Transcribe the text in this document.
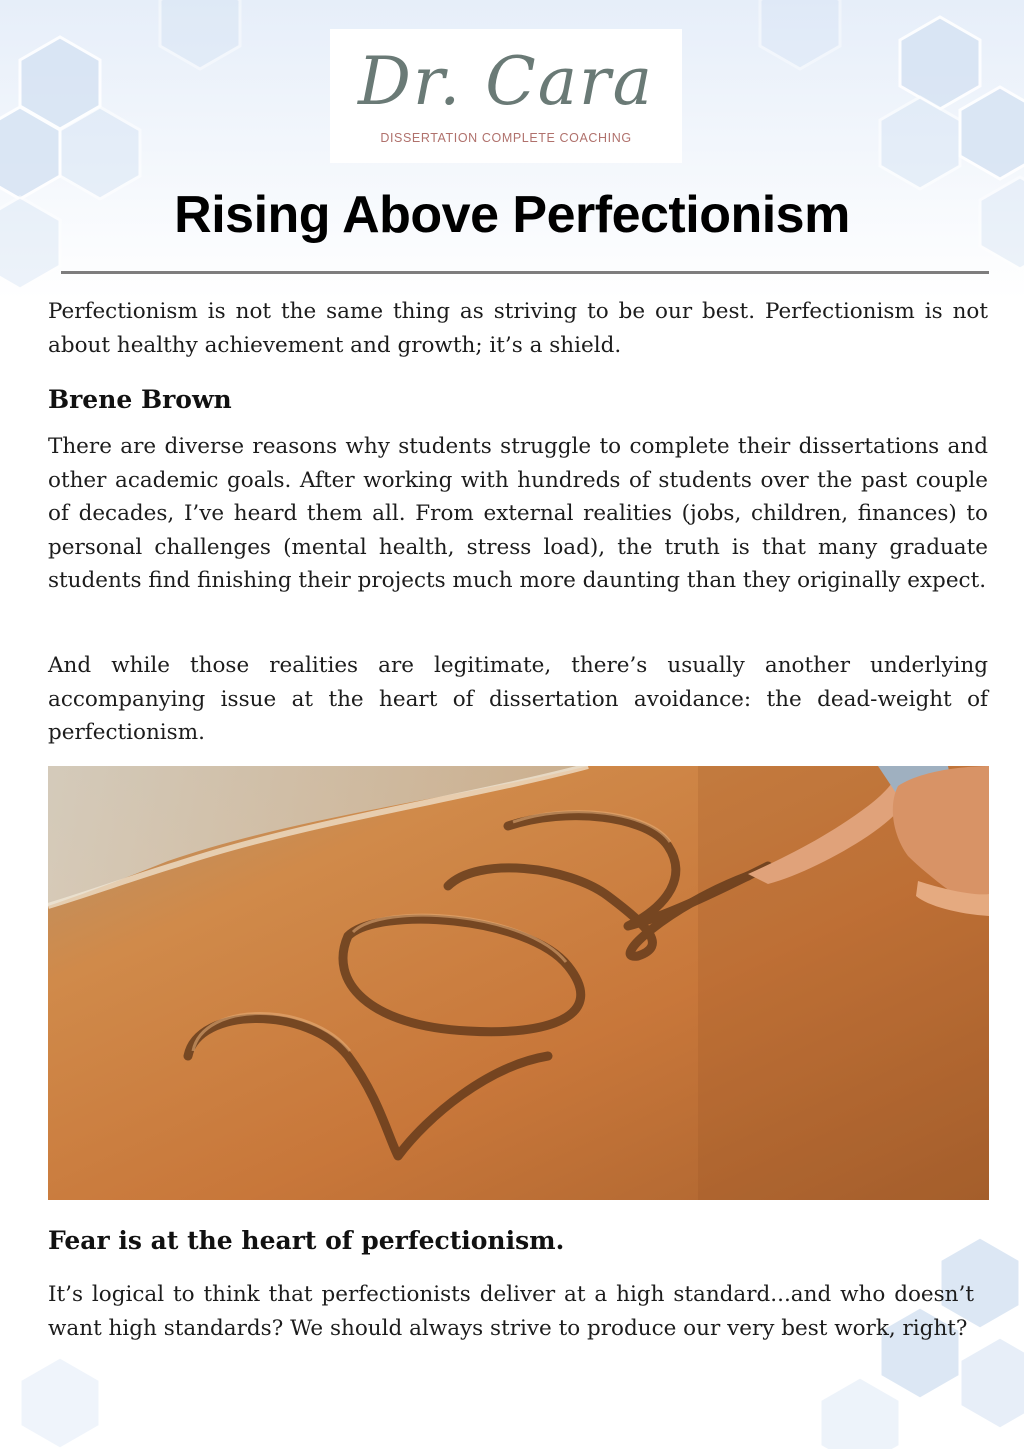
Dr. Cara
DISSERTATION COMPLETE COACHING
Rising Above Perfectionism

Perfectionism is not the same thing as striving to be our best. Perfectionism is not about healthy achievement and growth; it’s a shield.

Brene Brown

There are diverse reasons why students struggle to complete their dissertations and other academic goals. After working with hundreds of students over the past couple of decades, I’ve heard them all. From external realities (jobs, children, finances) to personal challenges (mental health, stress load), the truth is that many graduate students find finishing their projects much more daunting than they originally expect.

And while those realities are legitimate, there’s usually another underlying accompanying issue at the heart of dissertation avoidance: the dead-weight of perfectionism.

Fear is at the heart of perfectionism.

It’s logical to think that perfectionists deliver at a high standard...and who doesn’t want high standards? We should always strive to produce our very best work, right?
